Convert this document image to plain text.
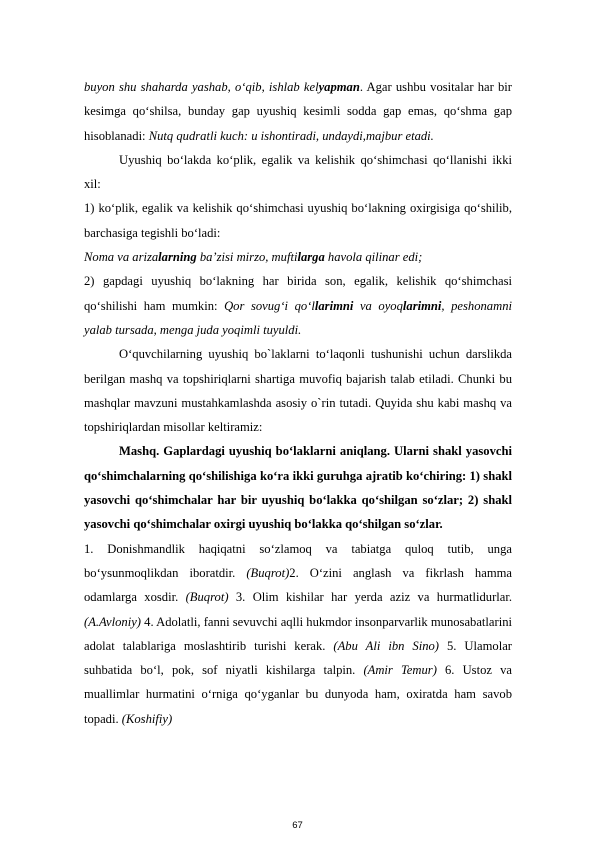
buyon shu shaharda yashab, o‘qib, ishlab kelyapman. Agar ushbu vositalar har bir kesimga qo‘shilsa, bunday gap uyushiq kesimli sodda gap emas, qo‘shma gap hisoblanadi: Nutq qudratli kuch: u ishontiradi, undaydi,majbur etadi.

Uyushiq bo‘lakda ko‘plik, egalik va kelishik qo‘shimchasi qo‘llanishi ikki xil:

1) ko‘plik, egalik va kelishik qo‘shimchasi uyushiq bo‘lakning oxirgisiga qo‘shilib, barchasiga tegishli bo‘ladi:

Noma va arizalarning ba’zisi mirzo, muftilarga havola qilinar edi;

2) gapdagi uyushiq bo‘lakning har birida son, egalik, kelishik qo‘shimchasi qo‘shilishi ham mumkin: Qor sovug‘i qo‘llarimni va oyoqlarimni, peshonamni yalab tursada, menga juda yoqimli tuyuldi.

O‘quvchilarning uyushiq bo`laklarni to‘laqonli tushunishi uchun darslikda berilgan mashq va topshiriqlarni shartiga muvofiq bajarish talab etiladi. Chunki bu mashqlar mavzuni mustahkamlashda asosiy o`rin tutadi. Quyida shu kabi mashq va topshiriqlardan misollar keltiramiz:

Mashq. Gaplardagi uyushiq bo‘laklarni aniqlang. Ularni shakl yasovchi qo‘shimchalarning qo‘shilishiga ko‘ra ikki guruhga ajratib ko‘chiring: 1) shakl yasovchi qo‘shimchalar har bir uyushiq bo‘lakka qo‘shilgan so‘zlar; 2) shakl yasovchi qo‘shimchalar oxirgi uyushiq bo‘lakka qo‘shilgan so‘zlar.

1. Donishmandlik haqiqatni so‘zlamoq va tabiatga quloq tutib, unga bo‘ysunmoqlikdan iboratdir. (Buqrot)2. O‘zini anglash va fikrlash hamma odamlarga xosdir. (Buqrot) 3. Olim kishilar har yerda aziz va hurmatlidurlar. (A.Avloniy) 4. Adolatli, fanni sevuvchi aqlli hukmdor insonparvarlik munosabatlarini adolat talablariga moslashtirib turishi kerak. (Abu Ali ibn Sino) 5. Ulamolar suhbatida bo‘l, pok, sof niyatli kishilarga talpin. (Amir Temur) 6. Ustoz va muallimlar hurmatini o‘rniga qo‘yganlar bu dunyoda ham, oxiratda ham savob topadi. (Koshifiy)

67
